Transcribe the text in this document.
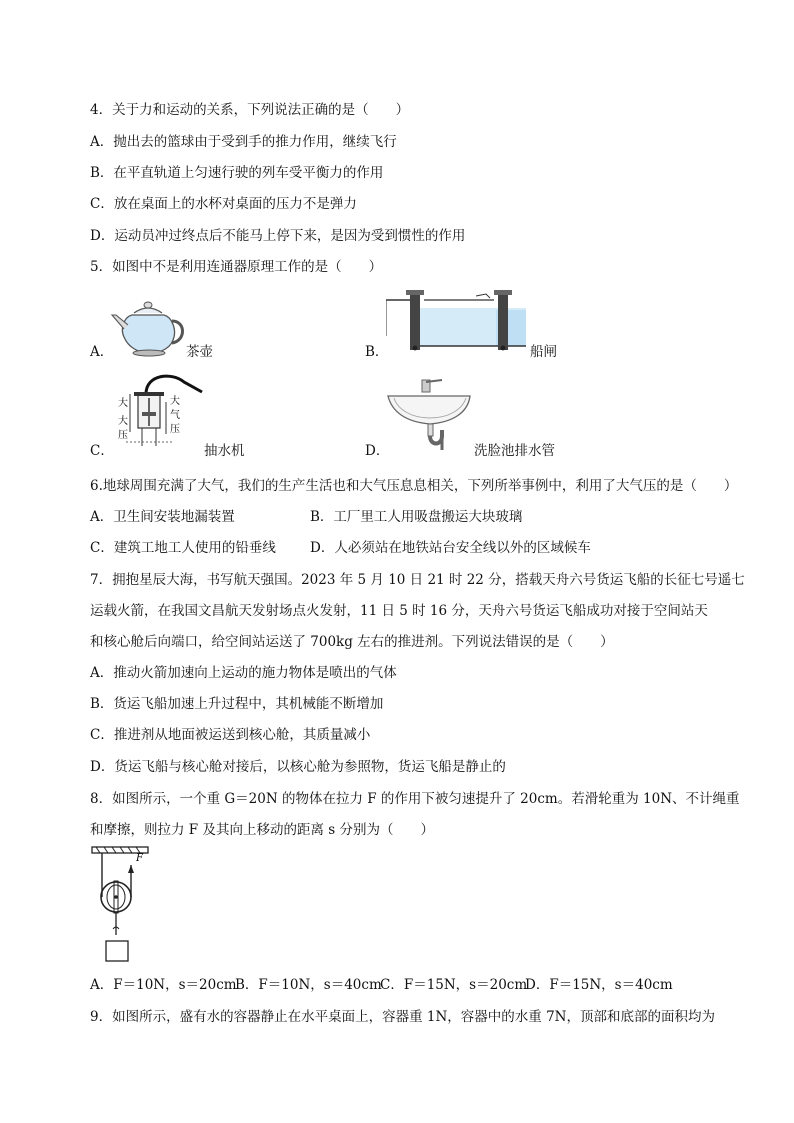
4．关于力和运动的关系，下列说法正确的是（　　）
A．抛出去的篮球由于受到手的推力作用，继续飞行
B．在平直轨道上匀速行驶的列车受平衡力的作用
C．放在桌面上的水杯对桌面的压力不是弹力
D．运动员冲过终点后不能马上停下来，是因为受到惯性的作用
5．如图中不是利用连通器原理工作的是（　　）
A．	茶壶	B．	船闸
C．
大
大
压
大
气
压
抽水机	D．	洗脸池排水管
6.地球周围充满了大气，我们的生产生活也和大气压息息相关，下列所举事例中，利用了大气压的是（　　）
A．卫生间安装地漏装置	B．工厂里工人用吸盘搬运大块玻璃
C．建筑工地工人使用的铅垂线	D．人必须站在地铁站台安全线以外的区域候车
7．拥抱星辰大海，书写航天强国。2023 年 5 月 10 日 21 时 22 分，搭载天舟六号货运飞船的长征七号遥七
运载火箭，在我国文昌航天发射场点火发射，11 日 5 时 16 分，天舟六号货运飞船成功对接于空间站天
和核心舱后向端口，给空间站运送了 700kg 左右的推进剂。下列说法错误的是（　　）
A．推动火箭加速向上运动的施力物体是喷出的气体
B．货运飞船加速上升过程中，其机械能不断增加
C．推进剂从地面被运送到核心舱，其质量减小
D．货运飞船与核心舱对接后，以核心舱为参照物，货运飞船是静止的
8．如图所示，一个重 G＝20N 的物体在拉力 F 的作用下被匀速提升了 20cm。若滑轮重为 10N、不计绳重
和摩擦，则拉力 F 及其向上移动的距离 s 分别为（　　）
F
A．F＝10N，s＝20cm
B．F＝10N，s＝40cm
C．F＝15N，s＝20cm
D．F＝15N，s＝40cm
9．如图所示，盛有水的容器静止在水平桌面上，容器重 1N，容器中的水重 7N，顶部和底部的面积均为
